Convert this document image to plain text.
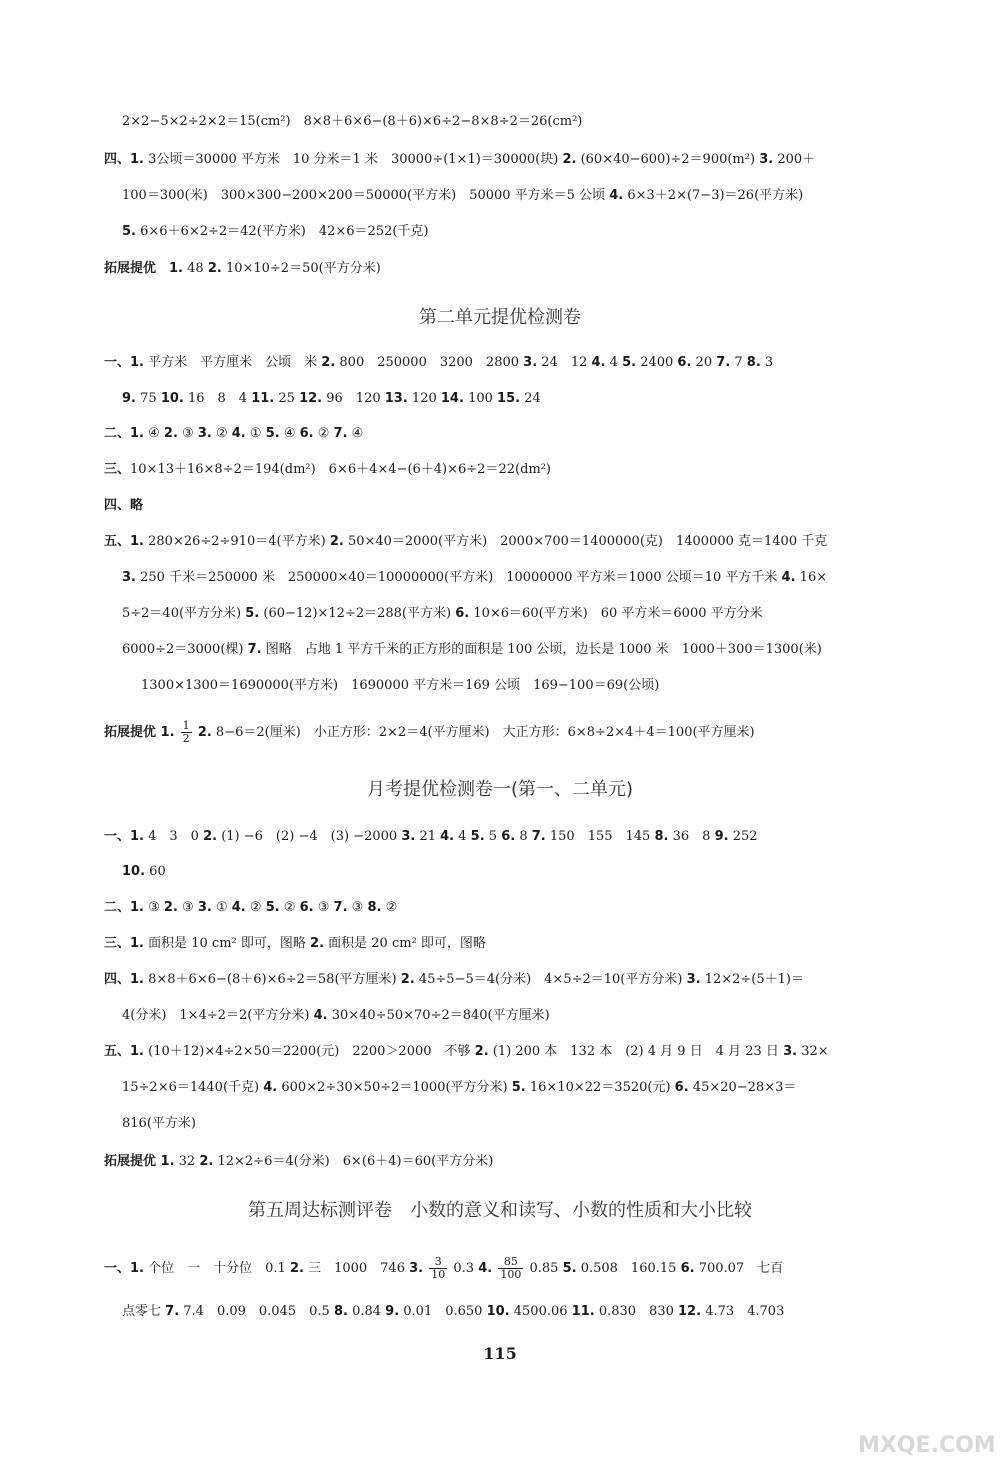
2×2−5×2÷2×2＝15(cm²)　8×8＋6×6−(8＋6)×6÷2−8×8÷2＝26(cm²)
四、1. 3公顷＝30000 平方米　10 分米＝1 米　30000÷(1×1)＝30000(块) 2. (60×40−600)÷2＝900(m²) 3. 200＋
100＝300(米)　300×300−200×200＝50000(平方米)　50000 平方米＝5 公顷 4. 6×3＋2×(7−3)＝26(平方米)
5. 6×6＋6×2÷2＝42(平方米)　42×6＝252(千克)
拓展提优　1. 48 2. 10×10÷2＝50(平方分米)
第二单元提优检测卷
一、1. 平方米　平方厘米　公顷　米 2. 800　250000　3200　2800 3. 24　12 4. 4 5. 2400 6. 20 7. 7 8. 3
9. 75 10. 16　8　4 11. 25 12. 96　120 13. 120 14. 100 15. 24
二、1. ④ 2. ③ 3. ② 4. ① 5. ④ 6. ② 7. ④
三、10×13＋16×8÷2＝194(dm²)　6×6＋4×4−(6＋4)×6÷2＝22(dm²)
四、略
五、1. 280×26÷2÷910＝4(平方米) 2. 50×40＝2000(平方米)　2000×700＝1400000(克)　1400000 克＝1400 千克
3. 250 千米＝250000 米　250000×40＝10000000(平方米)　10000000 平方米＝1000 公顷＝10 平方千米 4. 16×
5÷2＝40(平方分米) 5. (60−12)×12÷2＝288(平方米) 6. 10×6＝60(平方米)　60 平方米＝6000 平方分米
6000÷2＝3000(棵) 7. 图略　占地 1 平方千米的正方形的面积是 100 公顷，边长是 1000 米　1000＋300＝1300(米)
1300×1300＝1690000(平方米)　1690000 平方米＝169 公顷　169−100＝69(公顷)
拓展提优 1. $\frac{1}{2} 2$. 8−6＝2(厘米)　小正方形：2×2＝4(平方厘米)　大正方形：6×8÷2×4＋4＝100(平方厘米)
月考提优检测卷一(第一、二单元)
一、1. 4　3　0 2. (1) −6　(2) −4　(3) −2000 3. 21 4. 4 5. 5 6. 8 7. 150　155　145 8. 36　8 9. 252
10. 60
二、1. ③ 2. ③ 3. ① 4. ② 5. ② 6. ③ 7. ③ 8. ②
三、1. 面积是 10 cm² 即可，图略 2. 面积是 20 cm² 即可，图略
四、1. 8×8＋6×6−(8＋6)×6÷2＝58(平方厘米) 2. 45÷5−5＝4(分米)　4×5÷2＝10(平方分米) 3. 12×2÷(5＋1)＝
4(分米)　1×4÷2＝2(平方分米) 4. 30×40÷50×70÷2＝840(平方厘米)
五、1. (10＋12)×4÷2×50＝2200(元)　2200＞2000　不够 2. (1) 200 本　132 本　(2) 4 月 9 日　4 月 23 日 3. 32×
15÷2×6＝1440(千克) 4. 600×2÷30×50÷2＝1000(平方分米) 5. 16×10×22＝3520(元) 6. 45×20−28×3＝
816(平方米)
拓展提优 1. 32 2. 12×2÷6＝4(分米)　6×(6＋4)＝60(平方分米)
第五周达标测评卷　小数的意义和读写、小数的性质和大小比较
一、1. 个位　一　十分位　0.1 2. 三　1000　746 3. $\frac{3}{10} 0.3$ 4. $\frac{85}{100} 0.85$ 5. 0.508　160.15 6. 700.07　七百
点零七 7. 7.4　0.09　0.045　0.5 8. 0.84 9. 0.01　0.650 10. 4500.06 11. 0.830　830 12. 4.73　4.703
115
MXQE.COM
